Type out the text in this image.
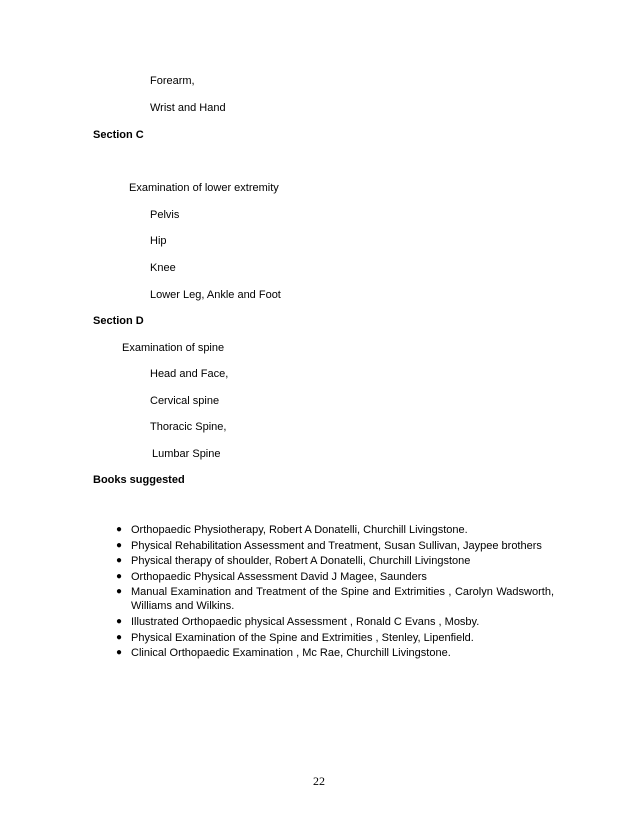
Forearm,
Wrist and Hand
Section C
Examination of lower extremity
Pelvis
Hip
Knee
Lower Leg, Ankle and Foot
Section D
Examination of spine
Head and Face,
Cervical spine
Thoracic Spine,
Lumbar Spine
Books suggested
● Orthopaedic Physiotherapy, Robert A Donatelli, Churchill Livingstone.
● Physical Rehabilitation Assessment and Treatment, Susan Sullivan, Jaypee brothers
● Physical therapy of shoulder, Robert A Donatelli, Churchill Livingstone
● Orthopaedic Physical Assessment David J Magee, Saunders
● Manual Examination and Treatment of the Spine and Extrimities , Carolyn Wadsworth, Williams and Wilkins.
● Illustrated Orthopaedic physical Assessment , Ronald C Evans , Mosby.
● Physical Examination of the Spine and Extrimities , Stenley, Lipenfield.
● Clinical Orthopaedic Examination , Mc Rae, Churchill Livingstone.
22
